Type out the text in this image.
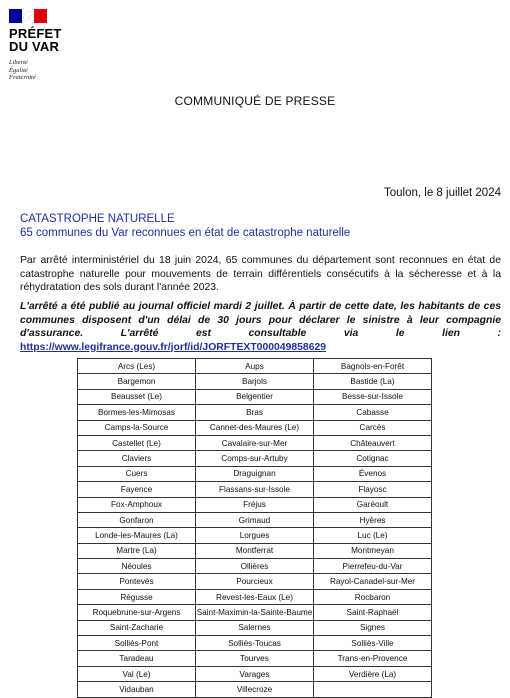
PRÉFET
DU VAR
Liberté
Égalité
Fraternité
COMMUNIQUÉ DE PRESSE
Toulon, le 8 juillet 2024
CATASTROPHE NATURELLE
65 communes du Var reconnues en état de catastrophe naturelle
Par arrêté interministériel du 18 juin 2024, 65 communes du département sont reconnues en état de catastrophe naturelle pour mouvements de terrain différentiels consécutifs à la sécheresse et à la réhydratation des sols durant l'année 2023.
L'arrêté a été publié au journal officiel mardi 2 juillet. À partir de cette date, les habitants de ces communes disposent d'un délai de 30 jours pour déclarer le sinistre à leur compagnie d'assurance. L'arrêté est consultable via le lien : https://www.legifrance.gouv.fr/jorf/id/JORFTEXT000049858629
Arcs (Les)	Aups	Bagnols-en-Forêt
Bargemon	Barjols	Bastide (La)
Beausset (Le)	Belgentier	Besse-sur-Issole
Bormes-les-Mimosas	Bras	Cabasse
Camps-la-Source	Cannet-des-Maures (Le)	Carcès
Castellet (Le)	Cavalaire-sur-Mer	Châteauvert
Claviers	Comps-sur-Artuby	Cotignac
Cuers	Draguignan	Évenos
Fayence	Flassans-sur-Issole	Flayosc
Fox-Amphoux	Fréjus	Garéoult
Gonfaron	Grimaud	Hyères
Londe-les-Maures (La)	Lorgues	Luc (Le)
Martre (La)	Montferrat	Montmeyan
Néoules	Ollières	Pierrefeu-du-Var
Pontevès	Pourcieux	Rayol-Canadel-sur-Mer
Régusse	Revest-les-Eaux (Le)	Rocbaron
Roquebrune-sur-Argens	Saint-Maximin-la-Sainte-Baume	Saint-Raphaël
Saint-Zacharie	Salernes	Signes
Solliès-Pont	Solliès-Toucas	Solliès-Ville
Taradeau	Tourves	Trans-en-Provence
Val (Le)	Varages	Verdière (La)
Vidauban	Villecroze	
